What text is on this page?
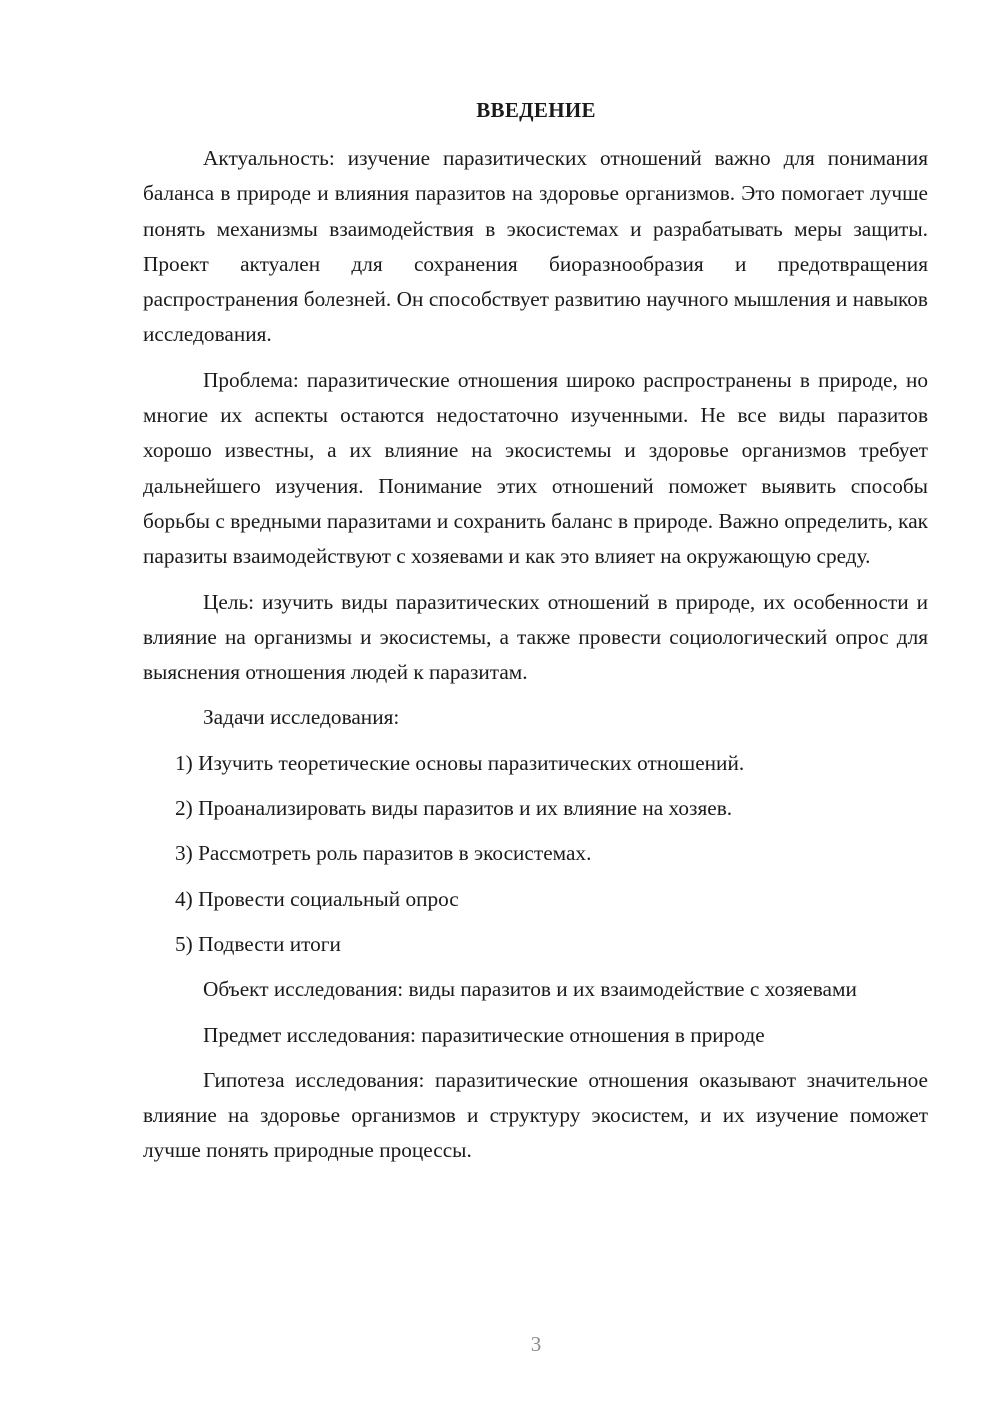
ВВЕДЕНИЕ

Актуальность: изучение паразитических отношений важно для понимания баланса в природе и влияния паразитов на здоровье организмов. Это помогает лучше понять механизмы взаимодействия в экосистемах и разрабатывать меры защиты. Проект актуален для сохранения биоразнообразия и предотвращения распространения болезней. Он способствует развитию научного мышления и навыков исследования.

Проблема: паразитические отношения широко распространены в природе, но многие их аспекты остаются недостаточно изученными. Не все виды паразитов хорошо известны, а их влияние на экосистемы и здоровье организмов требует дальнейшего изучения. Понимание этих отношений поможет выявить способы борьбы с вредными паразитами и сохранить баланс в природе. Важно определить, как паразиты взаимодействуют с хозяевами и как это влияет на окружающую среду.

Цель: изучить виды паразитических отношений в природе, их особенности и влияние на организмы и экосистемы, а также провести социологический опрос для выяснения отношения людей к паразитам.

Задачи исследования:

1) Изучить теоретические основы паразитических отношений.
2) Проанализировать виды паразитов и их влияние на хозяев.
3) Рассмотреть роль паразитов в экосистемах.
4) Провести социальный опрос
5) Подвести итоги

Объект исследования: виды паразитов и их взаимодействие с хозяевами

Предмет исследования: паразитические отношения в природе

Гипотеза исследования: паразитические отношения оказывают значительное влияние на здоровье организмов и структуру экосистем, и их изучение поможет лучше понять природные процессы.

3
